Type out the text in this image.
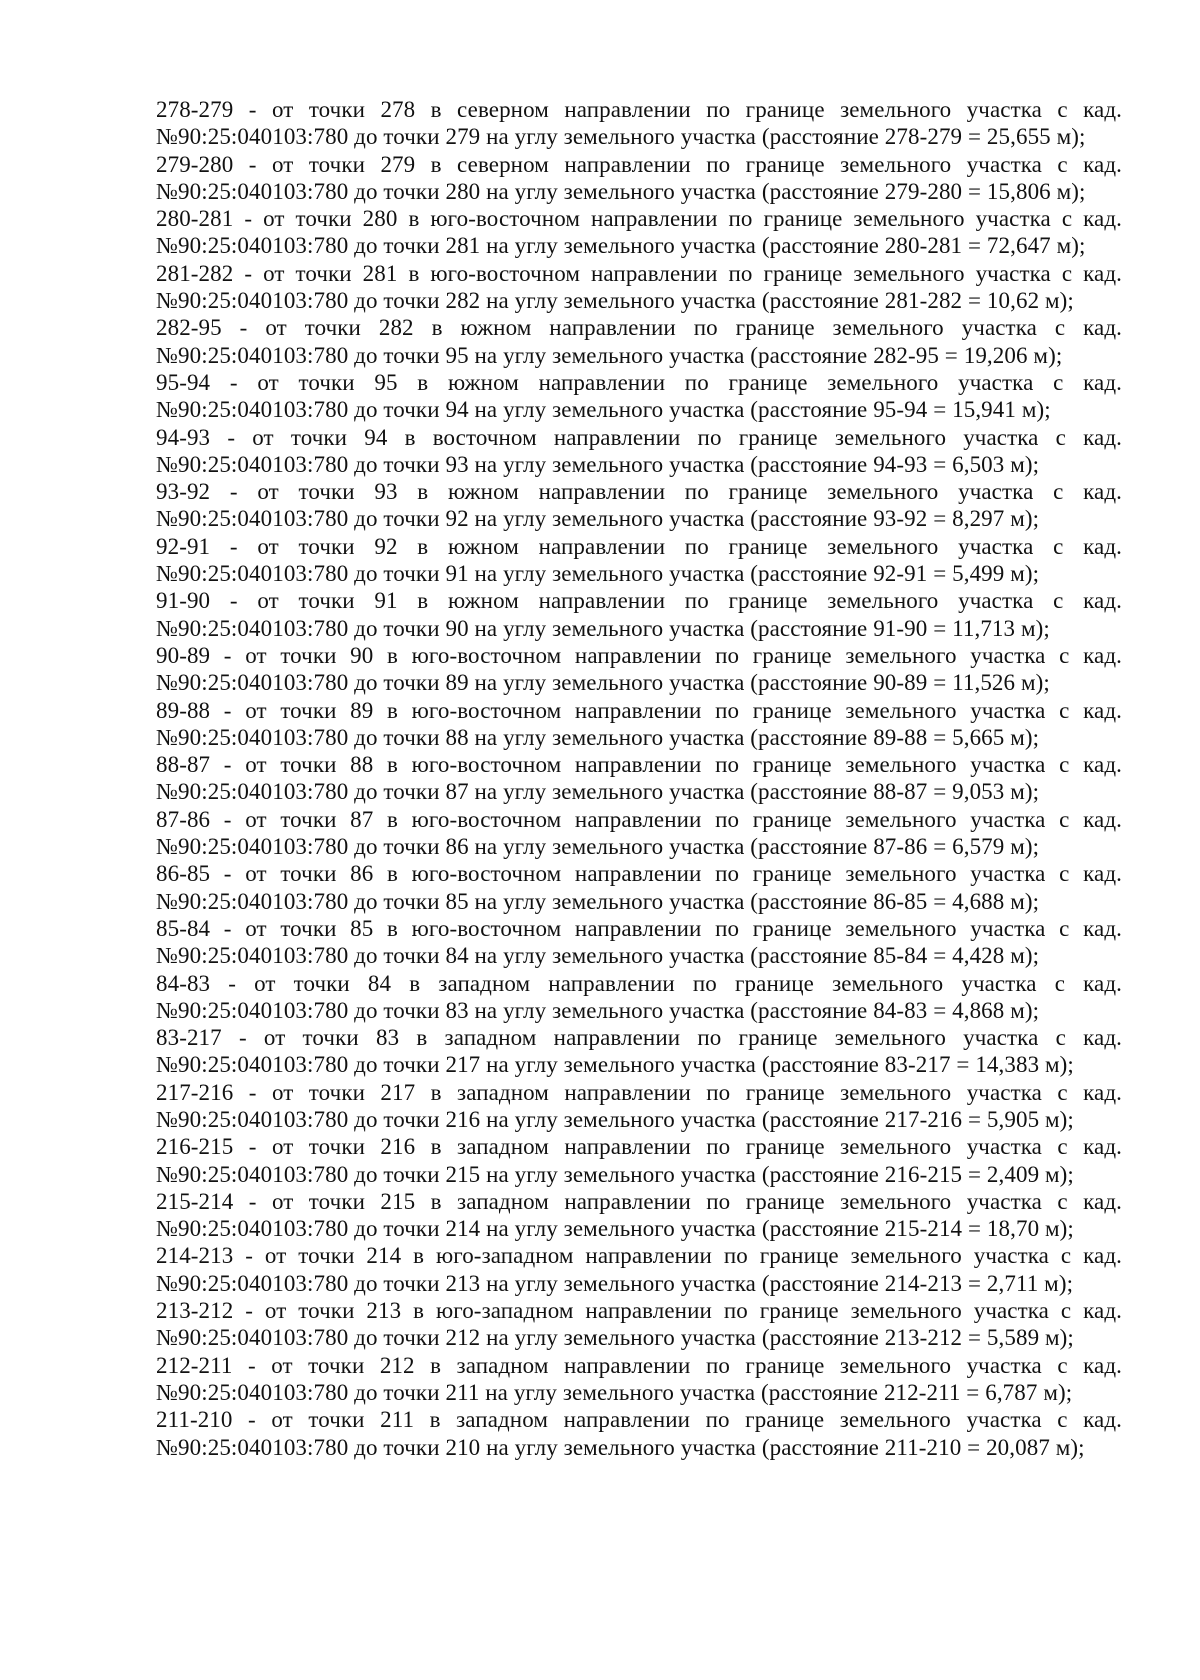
278-279 - от точки 278 в северном направлении по границе земельного участка с кад. №90:25:040103:780 до точки 279 на углу земельного участка (расстояние 278-279 = 25,655 м);

279-280 - от точки 279 в северном направлении по границе земельного участка с кад. №90:25:040103:780 до точки 280 на углу земельного участка (расстояние 279-280 = 15,806 м);

280-281 - от точки 280 в юго-восточном направлении по границе земельного участка с кад. №90:25:040103:780 до точки 281 на углу земельного участка (расстояние 280-281 = 72,647 м);

281-282 - от точки 281 в юго-восточном направлении по границе земельного участка с кад. №90:25:040103:780 до точки 282 на углу земельного участка (расстояние 281-282 = 10,62 м);

282-95 - от точки 282 в южном направлении по границе земельного участка с кад. №90:25:040103:780 до точки 95 на углу земельного участка (расстояние 282-95 = 19,206 м);

95-94 - от точки 95 в южном направлении по границе земельного участка с кад. №90:25:040103:780 до точки 94 на углу земельного участка (расстояние 95-94 = 15,941 м);

94-93 - от точки 94 в восточном направлении по границе земельного участка с кад. №90:25:040103:780 до точки 93 на углу земельного участка (расстояние 94-93 = 6,503 м);

93-92 - от точки 93 в южном направлении по границе земельного участка с кад. №90:25:040103:780 до точки 92 на углу земельного участка (расстояние 93-92 = 8,297 м);

92-91 - от точки 92 в южном направлении по границе земельного участка с кад. №90:25:040103:780 до точки 91 на углу земельного участка (расстояние 92-91 = 5,499 м);

91-90 - от точки 91 в южном направлении по границе земельного участка с кад. №90:25:040103:780 до точки 90 на углу земельного участка (расстояние 91-90 = 11,713 м);

90-89 - от точки 90 в юго-восточном направлении по границе земельного участка с кад. №90:25:040103:780 до точки 89 на углу земельного участка (расстояние 90-89 = 11,526 м);

89-88 - от точки 89 в юго-восточном направлении по границе земельного участка с кад. №90:25:040103:780 до точки 88 на углу земельного участка (расстояние 89-88 = 5,665 м);

88-87 - от точки 88 в юго-восточном направлении по границе земельного участка с кад. №90:25:040103:780 до точки 87 на углу земельного участка (расстояние 88-87 = 9,053 м);

87-86 - от точки 87 в юго-восточном направлении по границе земельного участка с кад. №90:25:040103:780 до точки 86 на углу земельного участка (расстояние 87-86 = 6,579 м);

86-85 - от точки 86 в юго-восточном направлении по границе земельного участка с кад. №90:25:040103:780 до точки 85 на углу земельного участка (расстояние 86-85 = 4,688 м);

85-84 - от точки 85 в юго-восточном направлении по границе земельного участка с кад. №90:25:040103:780 до точки 84 на углу земельного участка (расстояние 85-84 = 4,428 м);

84-83 - от точки 84 в западном направлении по границе земельного участка с кад. №90:25:040103:780 до точки 83 на углу земельного участка (расстояние 84-83 = 4,868 м);

83-217 - от точки 83 в западном направлении по границе земельного участка с кад. №90:25:040103:780 до точки 217 на углу земельного участка (расстояние 83-217 = 14,383 м);

217-216 - от точки 217 в западном направлении по границе земельного участка с кад. №90:25:040103:780 до точки 216 на углу земельного участка (расстояние 217-216 = 5,905 м);

216-215 - от точки 216 в западном направлении по границе земельного участка с кад. №90:25:040103:780 до точки 215 на углу земельного участка (расстояние 216-215 = 2,409 м);

215-214 - от точки 215 в западном направлении по границе земельного участка с кад. №90:25:040103:780 до точки 214 на углу земельного участка (расстояние 215-214 = 18,70 м);

214-213 - от точки 214 в юго-западном направлении по границе земельного участка с кад. №90:25:040103:780 до точки 213 на углу земельного участка (расстояние 214-213 = 2,711 м);

213-212 - от точки 213 в юго-западном направлении по границе земельного участка с кад. №90:25:040103:780 до точки 212 на углу земельного участка (расстояние 213-212 = 5,589 м);

212-211 - от точки 212 в западном направлении по границе земельного участка с кад. №90:25:040103:780 до точки 211 на углу земельного участка (расстояние 212-211 = 6,787 м);

211-210 - от точки 211 в западном направлении по границе земельного участка с кад. №90:25:040103:780 до точки 210 на углу земельного участка (расстояние 211-210 = 20,087 м);
